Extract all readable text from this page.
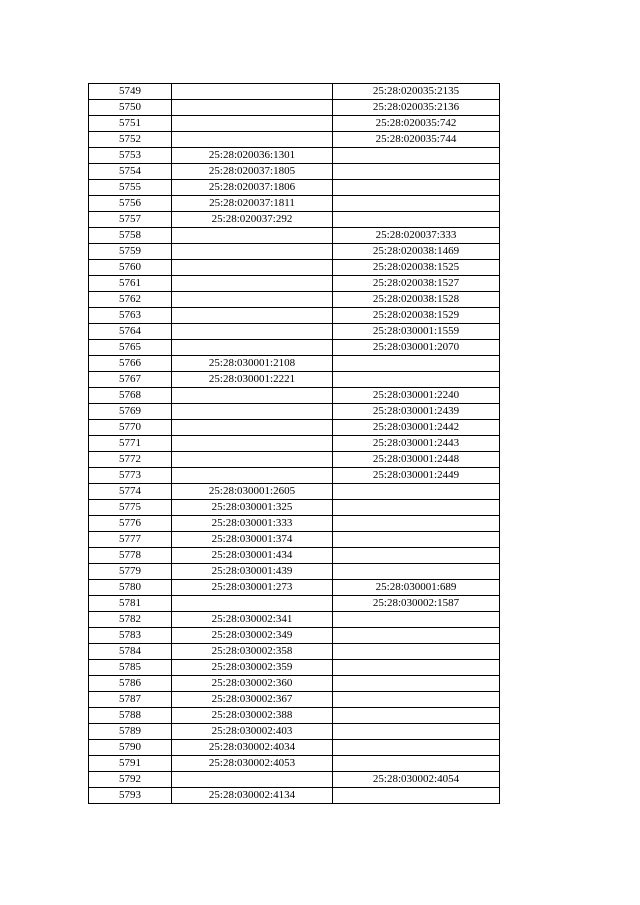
5749		25:28:020035:2135
5750		25:28:020035:2136
5751		25:28:020035:742
5752		25:28:020035:744
5753	25:28:020036:1301	
5754	25:28:020037:1805	
5755	25:28:020037:1806	
5756	25:28:020037:1811	
5757	25:28:020037:292	
5758		25:28:020037:333
5759		25:28:020038:1469
5760		25:28:020038:1525
5761		25:28:020038:1527
5762		25:28:020038:1528
5763		25:28:020038:1529
5764		25:28:030001:1559
5765		25:28:030001:2070
5766	25:28:030001:2108	
5767	25:28:030001:2221	
5768		25:28:030001:2240
5769		25:28:030001:2439
5770		25:28:030001:2442
5771		25:28:030001:2443
5772		25:28:030001:2448
5773		25:28:030001:2449
5774	25:28:030001:2605	
5775	25:28:030001:325	
5776	25:28:030001:333	
5777	25:28:030001:374	
5778	25:28:030001:434	
5779	25:28:030001:439	
5780	25:28:030001:273	25:28:030001:689
5781		25:28:030002:1587
5782	25:28:030002:341	
5783	25:28:030002:349	
5784	25:28:030002:358	
5785	25:28:030002:359	
5786	25:28:030002:360	
5787	25:28:030002:367	
5788	25:28:030002:388	
5789	25:28:030002:403	
5790	25:28:030002:4034	
5791	25:28:030002:4053	
5792		25:28:030002:4054
5793	25:28:030002:4134	
